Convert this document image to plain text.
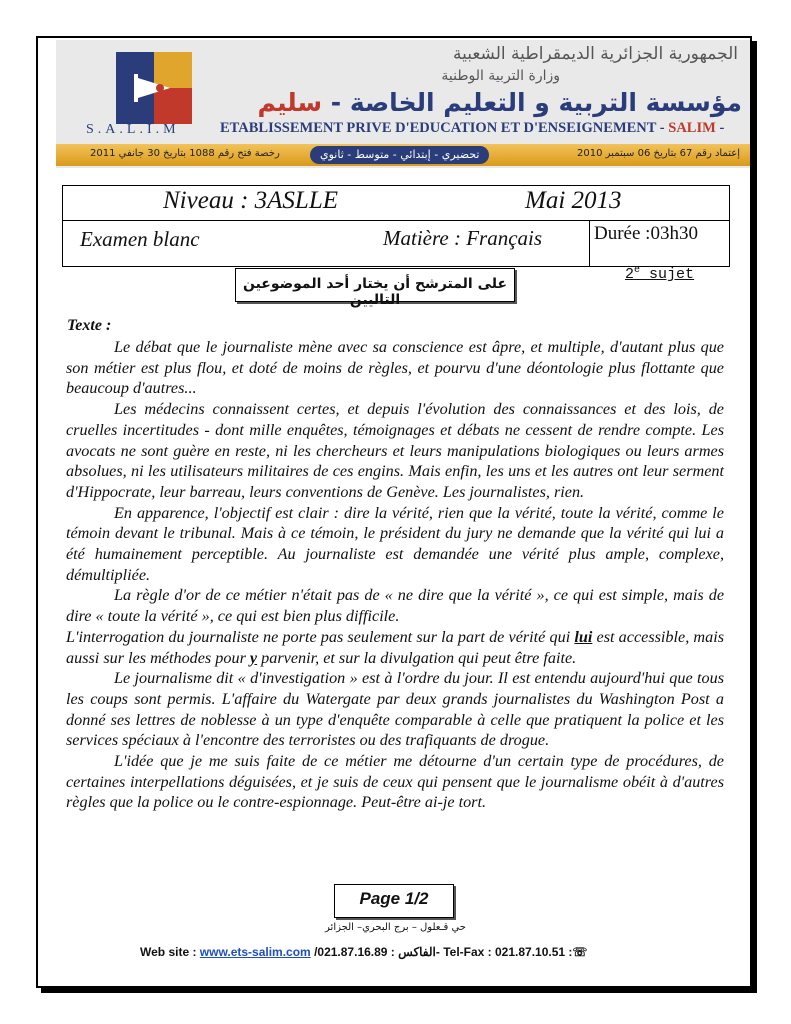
S.A.L.I.M
الجمهورية الجزائرية الديمقراطية الشعبية
وزارة التربية الوطنية
مؤسسة التربية و التعليم الخاصة - سليم
ETABLISSEMENT PRIVE D'EDUCATION ET D'ENSEIGNEMENT - SALIM -
إعتماد رقم 67 بتاريخ 06 سبتمبر 2010
تحضيري - إبتدائي - متوسط - ثانوي
رخصة فتح رقم 1088 بتاريخ 30 جانفي 2011
Niveau : 3ASLLE	Mai 2013
Examen blanc	Matière : Français	Durée :03h30
على المترشح أن يختار أحد الموضوعين التاليين
2e sujet
Texte :

Le débat que le journaliste mène avec sa conscience est âpre, et multiple, d'autant plus que son métier est plus flou, et doté de moins de règles, et pourvu d'une déontologie plus flottante que beaucoup d'autres...

Les médecins connaissent certes, et depuis l'évolution des connaissances et des lois, de cruelles incertitudes - dont mille enquêtes, témoignages et débats ne cessent de rendre compte. Les avocats ne sont guère en reste, ni les chercheurs et leurs manipulations biologiques ou leurs armes absolues, ni les utilisateurs militaires de ces engins. Mais enfin, les uns et les autres ont leur serment d'Hippocrate, leur barreau, leurs conventions de Genève. Les journalistes, rien.

En apparence, l'objectif est clair : dire la vérité, rien que la vérité, toute la vérité, comme le témoin devant le tribunal. Mais à ce témoin, le président du jury ne demande que la vérité qui lui a été humainement perceptible. Au journaliste est demandée une vérité plus ample, complexe, démultipliée.

La règle d'or de ce métier n'était pas de « ne dire que la vérité », ce qui est simple, mais de dire « toute la vérité », ce qui est bien plus difficile.

L'interrogation du journaliste ne porte pas seulement sur la part de vérité qui lui est accessible, mais aussi sur les méthodes pour y parvenir, et sur la divulgation qui peut être faite.

Le journalisme dit « d'investigation » est à l'ordre du jour. Il est entendu aujourd'hui que tous les coups sont permis. L'affaire du Watergate par deux grands journalistes du Washington Post a donné ses lettres de noblesse à un type d'enquête comparable à celle que pratiquent la police et les services spéciaux à l'encontre des terroristes ou des trafiquants de drogue.

L'idée que je me suis faite de ce métier me détourne d'un certain type de procédures, de certaines interpellations déguisées, et je suis de ceux qui pensent que le journalisme obéit à d'autres règles que la police ou le contre-espionnage. Peut-être ai-je tort.

Page 1/2
حي قـعلول – برج البحري– الجزائر
Web site : www.ets-salim.com /021.87.16.89 : الفاكس- Tel-Fax : 021.87.10.51 :☏
